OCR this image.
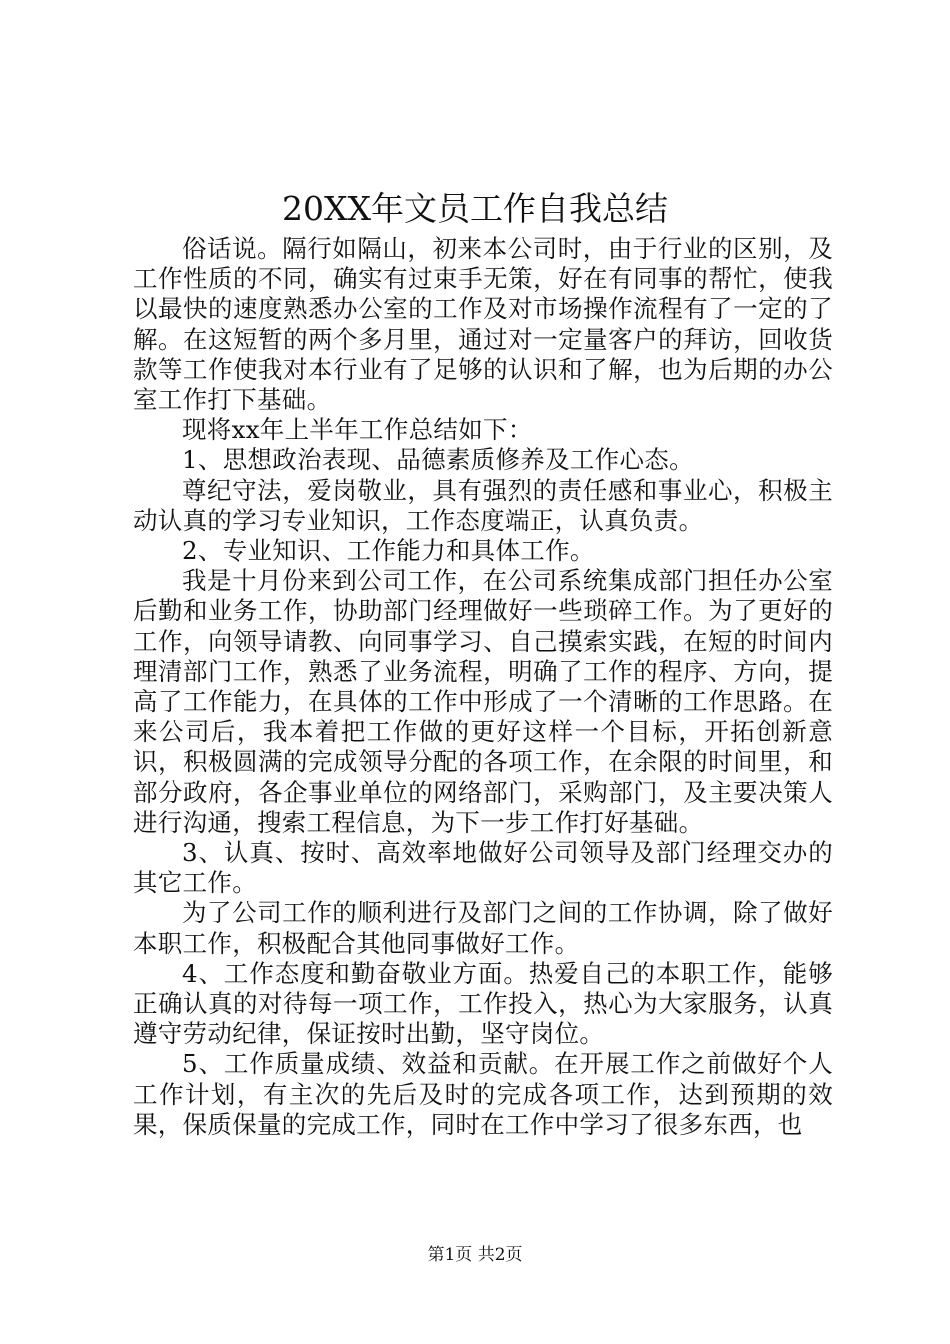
20XX年文员工作自我总结

俗话说。隔行如隔山，初来本公司时，由于行业的区别，及工作性质的不同，确实有过束手无策，好在有同事的帮忙，使我以最快的速度熟悉办公室的工作及对市场操作流程有了一定的了解。在这短暂的两个多月里，通过对一定量客户的拜访，回收货款等工作使我对本行业有了足够的认识和了解，也为后期的办公室工作打下基础。

现将xx年上半年工作总结如下：

1、思想政治表现、品德素质修养及工作心态。

尊纪守法，爱岗敬业，具有强烈的责任感和事业心，积极主动认真的学习专业知识，工作态度端正，认真负责。

2、专业知识、工作能力和具体工作。

我是十月份来到公司工作，在公司系统集成部门担任办公室后勤和业务工作，协助部门经理做好一些琐碎工作。为了更好的工作，向领导请教、向同事学习、自己摸索实践，在短的时间内理清部门工作，熟悉了业务流程，明确了工作的程序、方向，提高了工作能力，在具体的工作中形成了一个清晰的工作思路。在来公司后，我本着把工作做的更好这样一个目标，开拓创新意识，积极圆满的完成领导分配的各项工作，在余限的时间里，和部分政府，各企事业单位的网络部门，采购部门，及主要决策人进行沟通，搜索工程信息，为下一步工作打好基础。

3、认真、按时、高效率地做好公司领导及部门经理交办的其它工作。

为了公司工作的顺利进行及部门之间的工作协调，除了做好本职工作，积极配合其他同事做好工作。

4、工作态度和勤奋敬业方面。热爱自己的本职工作，能够正确认真的对待每一项工作，工作投入，热心为大家服务，认真遵守劳动纪律，保证按时出勤，坚守岗位。

5、工作质量成绩、效益和贡献。在开展工作之前做好个人工作计划，有主次的先后及时的完成各项工作，达到预期的效果，保质保量的完成工作，同时在工作中学习了很多东西，也

第1页 共2页
